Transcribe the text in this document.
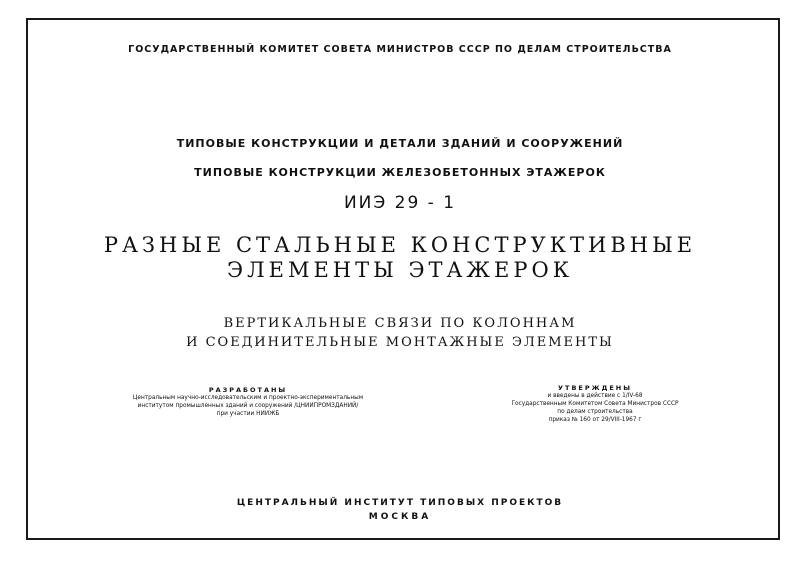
ГОСУДАРСТВЕННЫЙ КОМИТЕТ СОВЕТА МИНИСТРОВ СССР ПО ДЕЛАМ СТРОИТЕЛЬСТВА
ТИПОВЫЕ КОНСТРУКЦИИ И ДЕТАЛИ ЗДАНИЙ И СООРУЖЕНИЙ
ТИПОВЫЕ КОНСТРУКЦИИ ЖЕЛЕЗОБЕТОННЫХ ЭТАЖЕРОК
ИИЭ 29 - 1
РАЗНЫЕ СТАЛЬНЫЕ КОНСТРУКТИВНЫЕ
ЭЛЕМЕНТЫ ЭТАЖЕРОК
ВЕРТИКАЛЬНЫЕ СВЯЗИ ПО КОЛОННАМ
И СОЕДИНИТЕЛЬНЫЕ МОНТАЖНЫЕ ЭЛЕМЕНТЫ
РАЗРАБОТАНЫ
Центральным научно-исследовательским и проектно-экспериментальным
институтом промышленных зданий и сооружений /ЦНИИПРОМЗДАНИЙ/
при участии НИИЖБ
УТВЕРЖДЕНЫ
и введены в действие с 1/IV-68
Государственным Комитетом Совета Министров СССР
по делам строительства
приказ № 160 от 29/VIII-1967 г
ЦЕНТРАЛЬНЫЙ ИНСТИТУТ ТИПОВЫХ ПРОЕКТОВ
МОСКВА
